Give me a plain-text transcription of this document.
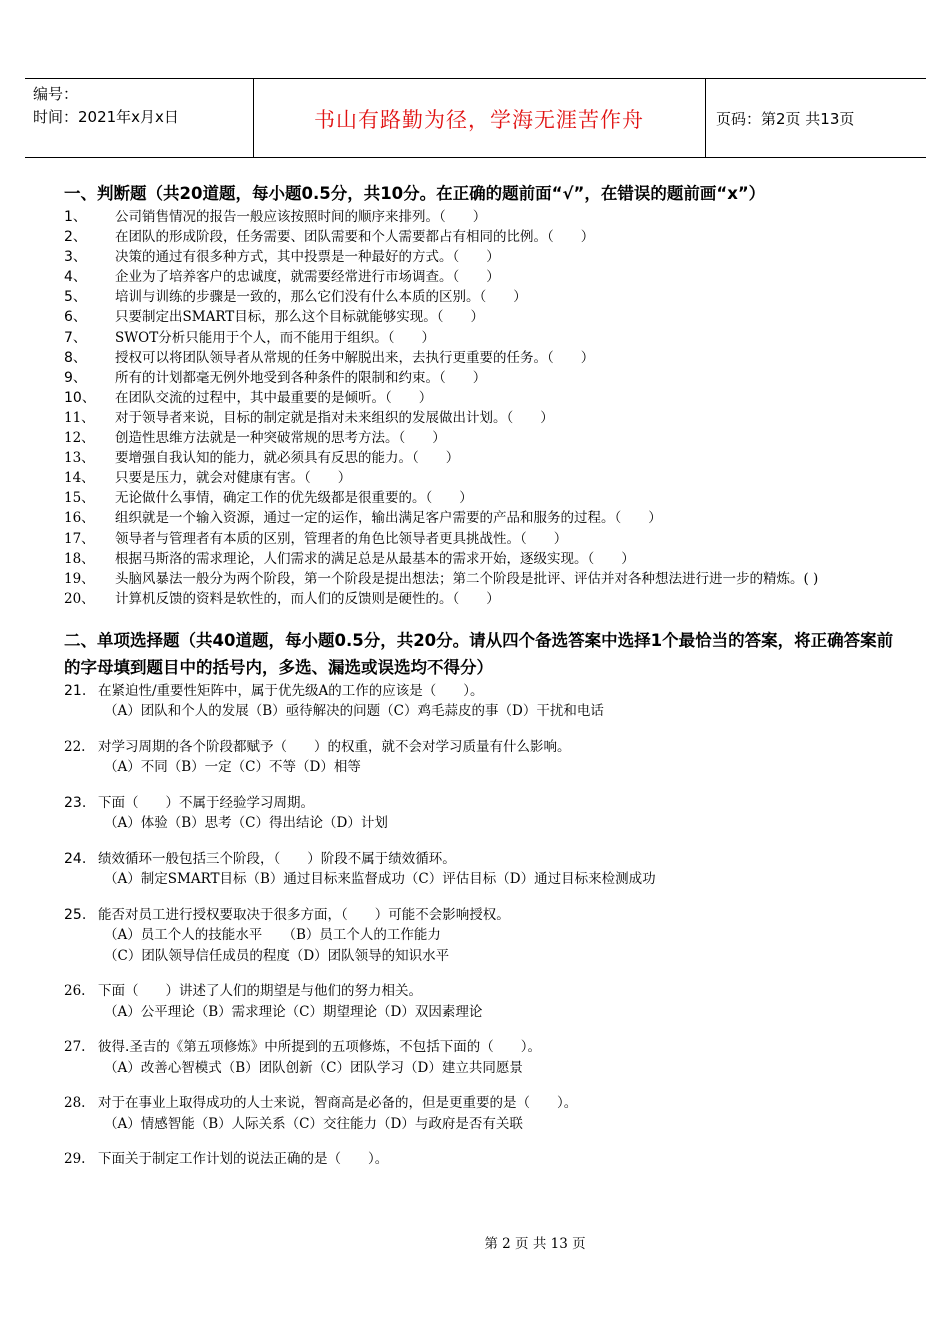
编号：
时间：2021年x月x日	书山有路勤为径，学海无涯苦作舟	页码：第2页 共13页
一、判断题（共20道题，每小题0.5分，共10分。在正确的题前面“√”，在错误的题前画“x”）
1、	公司销售情况的报告一般应该按照时间的顺序来排列。（　　）
2、	在团队的形成阶段，任务需要、团队需要和个人需要都占有相同的比例。（　　）
3、	决策的通过有很多种方式，其中投票是一种最好的方式。（　　）
4、	企业为了培养客户的忠诚度，就需要经常进行市场调查。（　　）
5、	培训与训练的步骤是一致的，那么它们没有什么本质的区别。（　　）
6、	只要制定出SMART目标，那么这个目标就能够实现。（　　）
7、	SWOT分析只能用于个人，而不能用于组织。（　　）
8、	授权可以将团队领导者从常规的任务中解脱出来，去执行更重要的任务。（　　）
9、	所有的计划都毫无例外地受到各种条件的限制和约束。（　　）
10、	在团队交流的过程中，其中最重要的是倾听。（　　）
11、	对于领导者来说，目标的制定就是指对未来组织的发展做出计划。（　　）
12、	创造性思维方法就是一种突破常规的思考方法。（　　）
13、	要增强自我认知的能力，就必须具有反思的能力。（　　）
14、	只要是压力，就会对健康有害。（　　）
15、	无论做什么事情，确定工作的优先级都是很重要的。（　　）
16、	组织就是一个输入资源，通过一定的运作，输出满足客户需要的产品和服务的过程。（　　）
17、	领导者与管理者有本质的区别，管理者的角色比领导者更具挑战性。（　　）
18、	根据马斯洛的需求理论，人们需求的满足总是从最基本的需求开始，逐级实现。（　　）
19、	头脑风暴法一般分为两个阶段，第一个阶段是提出想法；第二个阶段是批评、评估并对各种想法进行进一步的精炼。( )
20、	计算机反馈的资料是软性的，而人们的反馈则是硬性的。（　　）
二、单项选择题（共40道题，每小题0.5分，共20分。请从四个备选答案中选择1个最恰当的答案，将正确答案前的字母填到题目中的括号内，多选、漏选或误选均不得分）
21. 在紧迫性/重要性矩阵中，属于优先级A的工作的应该是（　　）。
（A）团队和个人的发展（B）亟待解决的问题（C）鸡毛蒜皮的事（D）干扰和电话
22. 对学习周期的各个阶段都赋予（　　）的权重，就不会对学习质量有什么影响。
（A）不同（B）一定（C）不等（D）相等
23. 下面（　　）不属于经验学习周期。
（A）体验（B）思考（C）得出结论（D）计划
24. 绩效循环一般包括三个阶段，（　　）阶段不属于绩效循环。
（A）制定SMART目标（B）通过目标来监督成功（C）评估目标（D）通过目标来检测成功
25. 能否对员工进行授权要取决于很多方面，（　　）可能不会影响授权。
（A）员工个人的技能水平　　（B）员工个人的工作能力
（C）团队领导信任成员的程度（D）团队领导的知识水平
26. 下面（　　）讲述了人们的期望是与他们的努力相关。
（A）公平理论（B）需求理论（C）期望理论（D）双因素理论
27. 彼得.圣吉的《第五项修炼》中所提到的五项修炼，不包括下面的（　　）。
（A）改善心智模式（B）团队创新（C）团队学习（D）建立共同愿景
28. 对于在事业上取得成功的人士来说，智商高是必备的，但是更重要的是（　　）。
（A）情感智能（B）人际关系（C）交往能力（D）与政府是否有关联
29. 下面关于制定工作计划的说法正确的是（　　）。
第 2 页 共 13 页
